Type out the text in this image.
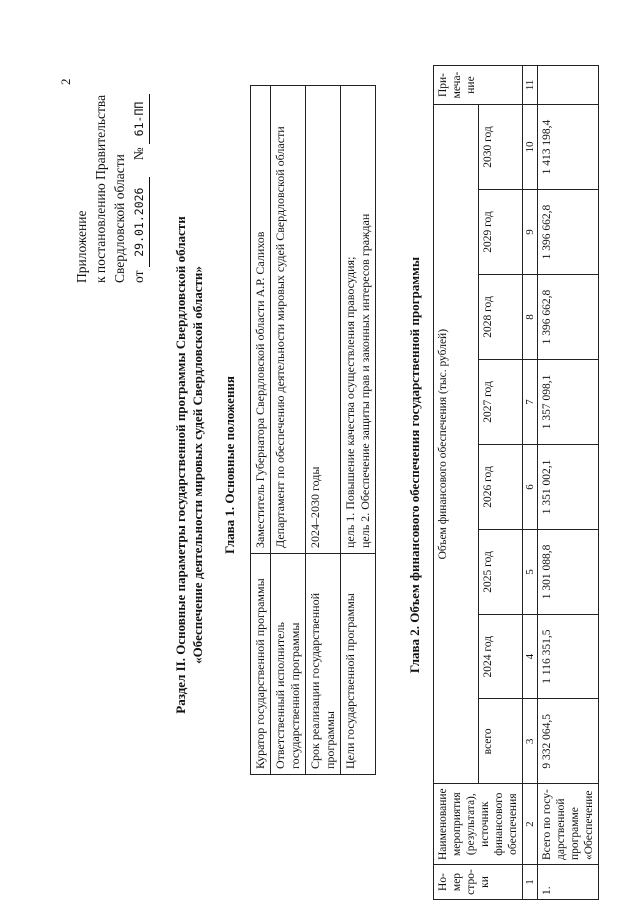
2
Приложение к постановлению Правительства Свердловской области от 29.01.2026     № 61-ПП
Раздел II. Основные параметры государственной программы Свердловской области «Обеспечение деятельности мировых судей Свердловской области» Глава 1. Основные положения
Куратор государственной программы	Заместитель Губернатора Свердловской области А.Р. Салихов
Ответственный исполнитель государственной программы	Департамент по обеспечению деятельности мировых судей Свердловской области
Срок реализации государственной программы	2024–2030 годы
Цели государственной программы	цель 1. Повышение качества осуществления правосудия; цель 2. Обеспечение защиты прав и законных интересов граждан	Глава 2. Объем финансового обеспечения государственной программы
Но-мер стро-ки	Наименование мероприятия (результата), источник финансового обеспечения	Объем финансового обеспечения (тыс. рублей)								При-меча-ние
		всего	2024 год	2025 год	2026 год	2027 год	2028 год	2029 год	2030 год	
1	2	3	4	5	6	7	8	9	10	11
1.	Всего по госу-дарственной программе «Обеспечение	9 332 064,5	1 116 351,5	1 301 088,8	1 351 002,1	1 357 098,1	1 396 662,8	1 396 662,8	1 413 198,4	
